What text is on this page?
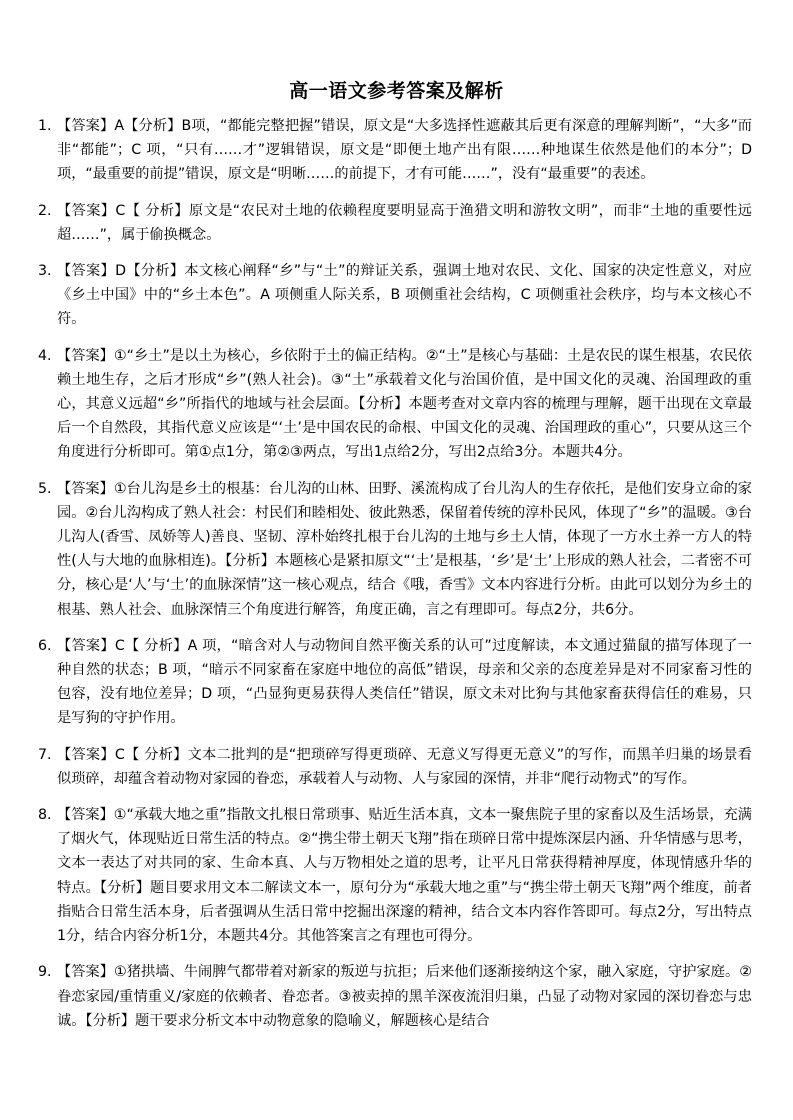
高一语文参考答案及解析
1. 【答案】A【分析】B项，“都能完整把握”错误，原文是“大多选择性遮蔽其后更有深意的理解判断”，“大多”而非“都能”；C 项，“只有……才”逻辑错误，原文是“即便土地产出有限……种地谋生依然是他们的本分”；D 项，“最重要的前提”错误，原文是“明晰……的前提下，才有可能……”，没有“最重要”的表述。
2. 【答案】C【 分析】原文是“农民对土地的依赖程度要明显高于渔猎文明和游牧文明”，而非“土地的重要性远超……”，属于偷换概念。
3. 【答案】D【分析】本文核心阐释“乡”与“土”的辩证关系，强调土地对农民、文化、国家的决定性意义，对应《乡土中国》中的“乡土本色”。A 项侧重人际关系，B 项侧重社会结构，C 项侧重社会秩序，均与本文核心不符。
4. 【答案】①“乡土”是以土为核心，乡依附于土的偏正结构。②“土”是核心与基础：土是农民的谋生根基，农民依赖土地生存，之后才形成“乡”(熟人社会)。③“土”承载着文化与治国价值，是中国文化的灵魂、治国理政的重心，其意义远超“乡”所指代的地域与社会层面。【分析】本题考查对文章内容的梳理与理解，题干出现在文章最后一个自然段，其指代意义应该是“‘土’是中国农民的命根、中国文化的灵魂、治国理政的重心”，只要从这三个角度进行分析即可。第①点1分，第②③两点，写出1点给2分，写出2点给3分。本题共4分。
5. 【答案】①台儿沟是乡土的根基：台儿沟的山林、田野、溪流构成了台儿沟人的生存依托，是他们安身立命的家园。②台儿沟构成了熟人社会：村民们和睦相处、彼此熟悉，保留着传统的淳朴民风，体现了“乡”的温暖。③台儿沟人(香雪、凤娇等人)善良、坚韧、淳朴始终扎根于台儿沟的土地与乡土人情，体现了一方水土养一方人的特性(人与大地的血脉相连)。【分析】本题核心是紧扣原文“‘土’是根基，‘乡’是‘土’上形成的熟人社会，二者密不可分，核心是‘人’与‘土’的血脉深情”这一核心观点，结合《哦，香雪》文本内容进行分析。由此可以划分为乡土的根基、熟人社会、血脉深情三个角度进行解答，角度正确，言之有理即可。每点2分，共6分。
6. 【答案】C【 分析】A 项，“暗含对人与动物间自然平衡关系的认可”过度解读，本文通过猫鼠的描写体现了一种自然的状态；B 项，“暗示不同家畜在家庭中地位的高低”错误，母亲和父亲的态度差异是对不同家畜习性的包容，没有地位差异；D 项，“凸显狗更易获得人类信任”错误，原文未对比狗与其他家畜获得信任的难易，只是写狗的守护作用。
7. 【答案】C【 分析】文本二批判的是“把琐碎写得更琐碎、无意义写得更无意义”的写作，而黑羊归巢的场景看似琐碎，却蕴含着动物对家园的眷恋，承载着人与动物、人与家园的深情，并非“爬行动物式”的写作。
8. 【答案】①“承载大地之重”指散文扎根日常琐事、贴近生活本真，文本一聚焦院子里的家畜以及生活场景，充满了烟火气，体现贴近日常生活的特点。②“携尘带土朝天飞翔”指在琐碎日常中提炼深层内涵、升华情感与思考，文本一表达了对共同的家、生命本真、人与万物相处之道的思考，让平凡日常获得精神厚度，体现情感升华的特点。【分析】题目要求用文本二解读文本一，原句分为“承载大地之重”与“携尘带土朝天飞翔”两个维度，前者指贴合日常生活本身，后者强调从生活日常中挖掘出深邃的精神，结合文本内容作答即可。每点2分，写出特点1分，结合内容分析1分，本题共4分。其他答案言之有理也可得分。
9. 【答案】①猪拱墙、牛闹脾气都带着对新家的叛逆与抗拒；后来他们逐渐接纳这个家，融入家庭，守护家庭。②眷恋家园/重情重义/家庭的依赖者、眷恋者。③被卖掉的黑羊深夜流泪归巢，凸显了动物对家园的深切眷恋与忠诚。【分析】题干要求分析文本中动物意象的隐喻义，解题核心是结合
